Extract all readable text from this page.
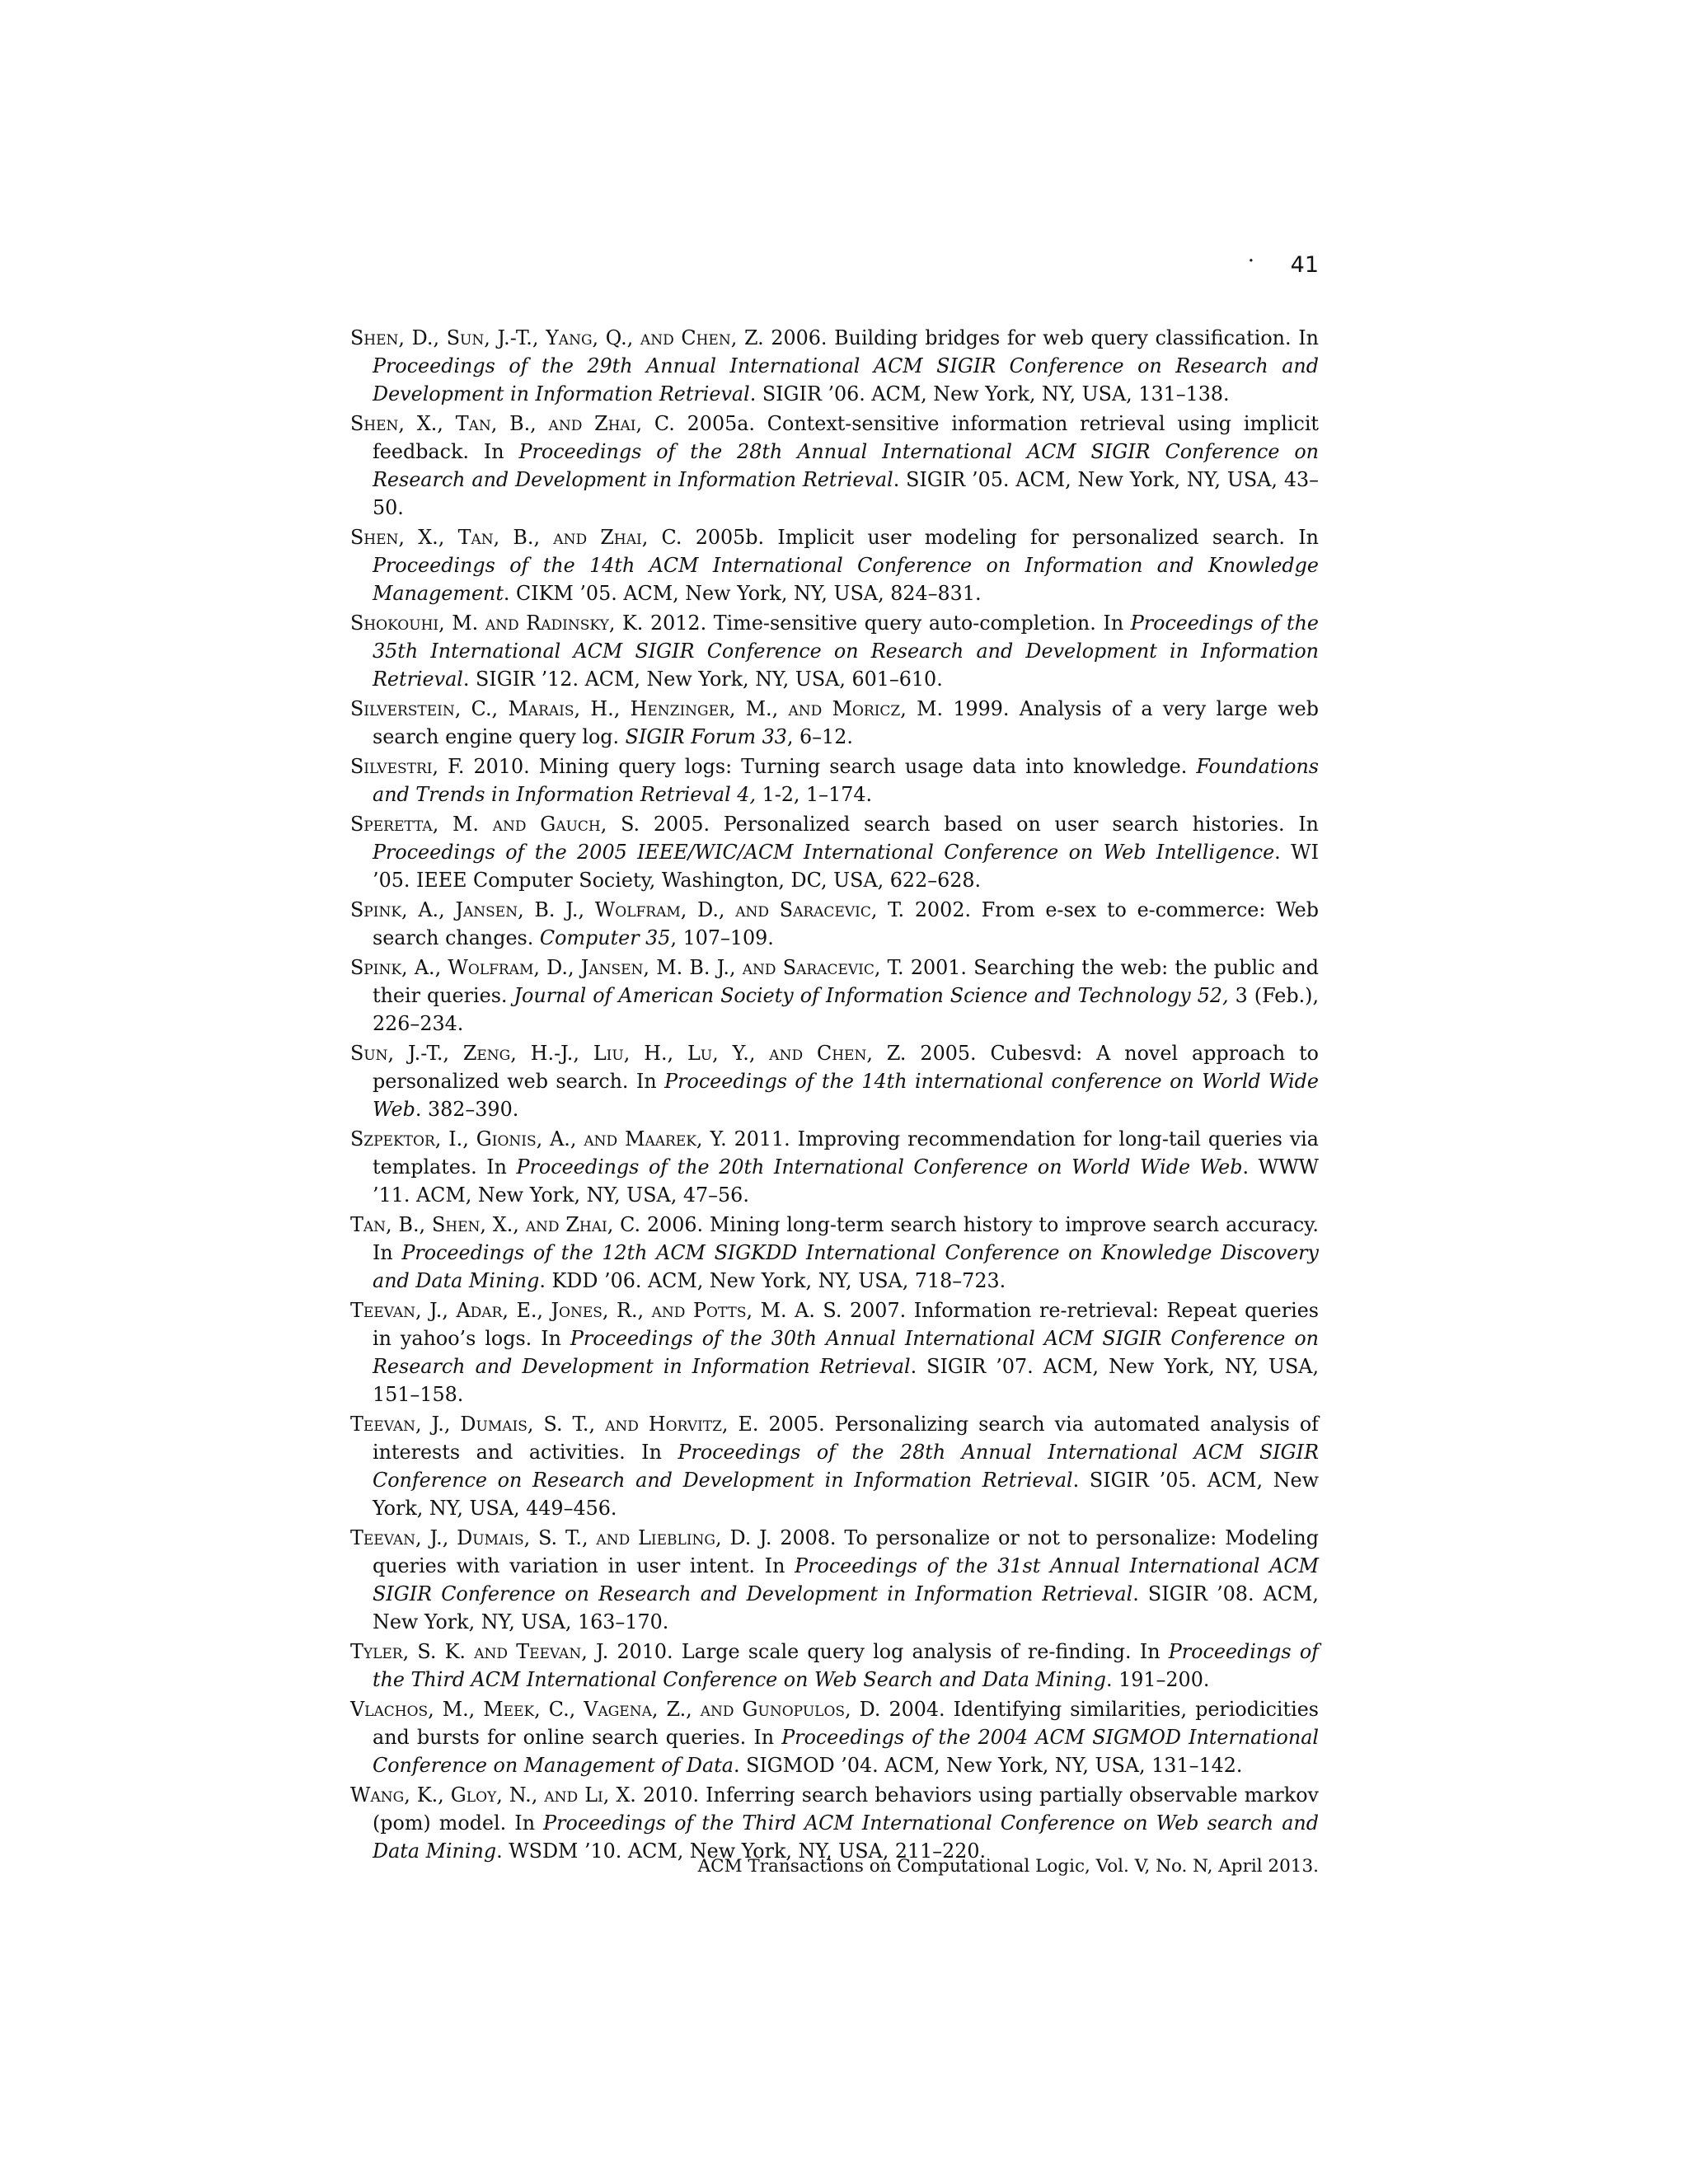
· 41
Shen, D., Sun, J.-T., Yang, Q., and Chen, Z. 2006. Building bridges for web query classification. In Proceedings of the 29th Annual International ACM SIGIR Conference on Research and Development in Information Retrieval. SIGIR ’06. ACM, New York, NY, USA, 131–138.
Shen, X., Tan, B., and Zhai, C. 2005a. Context-sensitive information retrieval using implicit feedback. In Proceedings of the 28th Annual International ACM SIGIR Conference on Research and Development in Information Retrieval. SIGIR ’05. ACM, New York, NY, USA, 43–50.
Shen, X., Tan, B., and Zhai, C. 2005b. Implicit user modeling for personalized search. In Proceedings of the 14th ACM International Conference on Information and Knowledge Management. CIKM ’05. ACM, New York, NY, USA, 824–831.
Shokouhi, M. and Radinsky, K. 2012. Time-sensitive query auto-completion. In Proceedings of the 35th International ACM SIGIR Conference on Research and Development in Information Retrieval. SIGIR ’12. ACM, New York, NY, USA, 601–610.
Silverstein, C., Marais, H., Henzinger, M., and Moricz, M. 1999. Analysis of a very large web search engine query log. SIGIR Forum 33, 6–12.
Silvestri, F. 2010. Mining query logs: Turning search usage data into knowledge. Foundations and Trends in Information Retrieval 4, 1-2, 1–174.
Speretta, M. and Gauch, S. 2005. Personalized search based on user search histories. In Proceedings of the 2005 IEEE/WIC/ACM International Conference on Web Intelligence. WI ’05. IEEE Computer Society, Washington, DC, USA, 622–628.
Spink, A., Jansen, B. J., Wolfram, D., and Saracevic, T. 2002. From e-sex to e-commerce: Web search changes. Computer 35, 107–109.
Spink, A., Wolfram, D., Jansen, M. B. J., and Saracevic, T. 2001. Searching the web: the public and their queries. Journal of American Society of Information Science and Technology 52, 3 (Feb.), 226–234.
Sun, J.-T., Zeng, H.-J., Liu, H., Lu, Y., and Chen, Z. 2005. Cubesvd: A novel approach to personalized web search. In Proceedings of the 14th international conference on World Wide Web. 382–390.
Szpektor, I., Gionis, A., and Maarek, Y. 2011. Improving recommendation for long-tail queries via templates. In Proceedings of the 20th International Conference on World Wide Web. WWW ’11. ACM, New York, NY, USA, 47–56.
Tan, B., Shen, X., and Zhai, C. 2006. Mining long-term search history to improve search accuracy. In Proceedings of the 12th ACM SIGKDD International Conference on Knowledge Discovery and Data Mining. KDD ’06. ACM, New York, NY, USA, 718–723.
Teevan, J., Adar, E., Jones, R., and Potts, M. A. S. 2007. Information re-retrieval: Repeat queries in yahoo’s logs. In Proceedings of the 30th Annual International ACM SIGIR Conference on Research and Development in Information Retrieval. SIGIR ’07. ACM, New York, NY, USA, 151–158.
Teevan, J., Dumais, S. T., and Horvitz, E. 2005. Personalizing search via automated analysis of interests and activities. In Proceedings of the 28th Annual International ACM SIGIR Conference on Research and Development in Information Retrieval. SIGIR ’05. ACM, New York, NY, USA, 449–456.
Teevan, J., Dumais, S. T., and Liebling, D. J. 2008. To personalize or not to personalize: Modeling queries with variation in user intent. In Proceedings of the 31st Annual International ACM SIGIR Conference on Research and Development in Information Retrieval. SIGIR ’08. ACM, New York, NY, USA, 163–170.
Tyler, S. K. and Teevan, J. 2010. Large scale query log analysis of re-finding. In Proceedings of the Third ACM International Conference on Web Search and Data Mining. 191–200.
Vlachos, M., Meek, C., Vagena, Z., and Gunopulos, D. 2004. Identifying similarities, periodicities and bursts for online search queries. In Proceedings of the 2004 ACM SIGMOD International Conference on Management of Data. SIGMOD ’04. ACM, New York, NY, USA, 131–142.
Wang, K., Gloy, N., and Li, X. 2010. Inferring search behaviors using partially observable markov (pom) model. In Proceedings of the Third ACM International Conference on Web search and Data Mining. WSDM ’10. ACM, New York, NY, USA, 211–220.
ACM Transactions on Computational Logic, Vol. V, No. N, April 2013.
